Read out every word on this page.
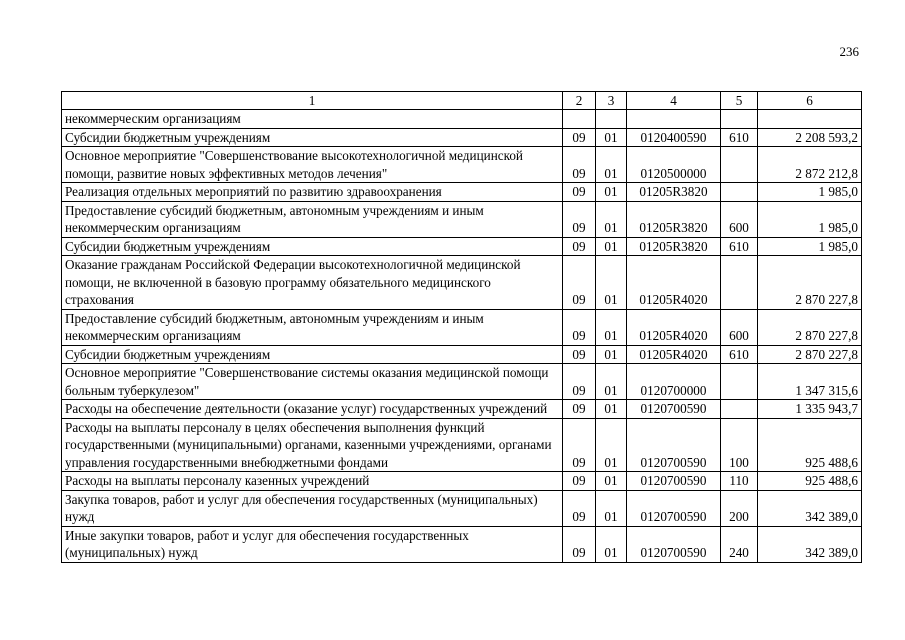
236
1	2	3	4	5	6
некоммерческим организациям					
Субсидии бюджетным учреждениям	09	01	0120400590	610	2 208 593,2
Основное мероприятие "Совершенствование высокотехнологичной медицинской помощи, развитие новых эффективных методов лечения"	09	01	0120500000		2 872 212,8
Реализация отдельных мероприятий по развитию здравоохранения	09	01	01205R3820		1 985,0
Предоставление субсидий бюджетным, автономным учреждениям и иным некоммерческим организациям	09	01	01205R3820	600	1 985,0
Субсидии бюджетным учреждениям	09	01	01205R3820	610	1 985,0
Оказание гражданам Российской Федерации высокотехнологичной медицинской помощи, не включенной в базовую программу обязательного медицинского страхования	09	01	01205R4020		2 870 227,8
Предоставление субсидий бюджетным, автономным учреждениям и иным некоммерческим организациям	09	01	01205R4020	600	2 870 227,8
Субсидии бюджетным учреждениям	09	01	01205R4020	610	2 870 227,8
Основное мероприятие "Совершенствование системы оказания медицинской помощи больным туберкулезом"	09	01	0120700000		1 347 315,6
Расходы на обеспечение деятельности (оказание услуг) государственных учреждений	09	01	0120700590		1 335 943,7
Расходы на выплаты персоналу в целях обеспечения выполнения функций государственными (муниципальными) органами, казенными учреждениями, органами управления государственными внебюджетными фондами	09	01	0120700590	100	925 488,6
Расходы на выплаты персоналу казенных учреждений	09	01	0120700590	110	925 488,6
Закупка товаров, работ и услуг для обеспечения государственных (муниципальных) нужд	09	01	0120700590	200	342 389,0
Иные закупки товаров, работ и услуг для обеспечения государственных (муниципальных) нужд	09	01	0120700590	240	342 389,0
